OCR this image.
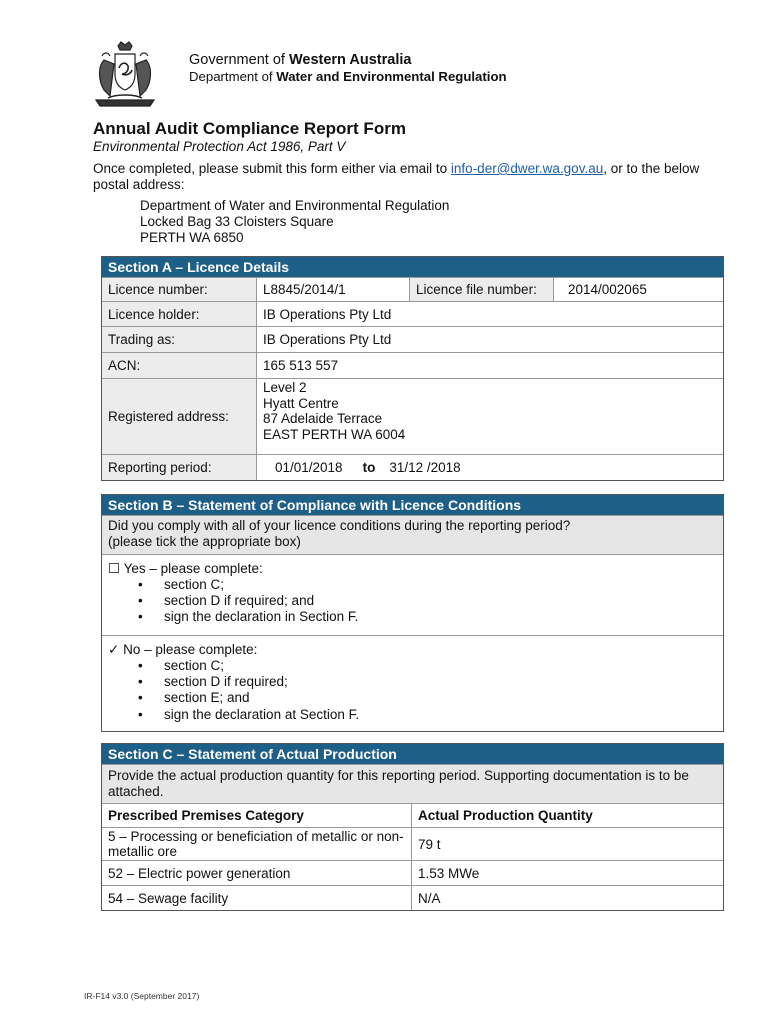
Government of Western Australia
Department of Water and Environmental Regulation
Annual Audit Compliance Report Form
Environmental Protection Act 1986, Part V
Once completed, please submit this form either via email to info-der@dwer.wa.gov.au, or to the below postal address:
Department of Water and Environmental Regulation
Locked Bag 33 Cloisters Square
PERTH WA 6850
Section A – Licence Details
Licence number:	L8845/2014/1	Licence file number:	2014/002065
Licence holder:	IB Operations Pty Ltd
Trading as:	IB Operations Pty Ltd
ACN:	165 513 557
Registered address:
Level 2
Hyatt Centre
87 Adelaide Terrace
EAST PERTH WA 6004
Reporting period:	01/01/2018 to 31/12 /2018
Section B – Statement of Compliance with Licence Conditions
Did you comply with all of your licence conditions during the reporting period?
(please tick the appropriate box)
☐ Yes – please complete:
• section C;
• section D if required; and
• sign the declaration in Section F.
✓ No – please complete:
• section C;
• section D if required;
• section E; and
• sign the declaration at Section F.
Section C – Statement of Actual Production
Provide the actual production quantity for this reporting period. Supporting documentation is to be attached.
Prescribed Premises Category	Actual Production Quantity
5 – Processing or beneficiation of metallic or non-metallic ore	79 t
52 – Electric power generation	1.53 MWe
54 – Sewage facility	N/A
IR-F14 v3.0 (September 2017)
